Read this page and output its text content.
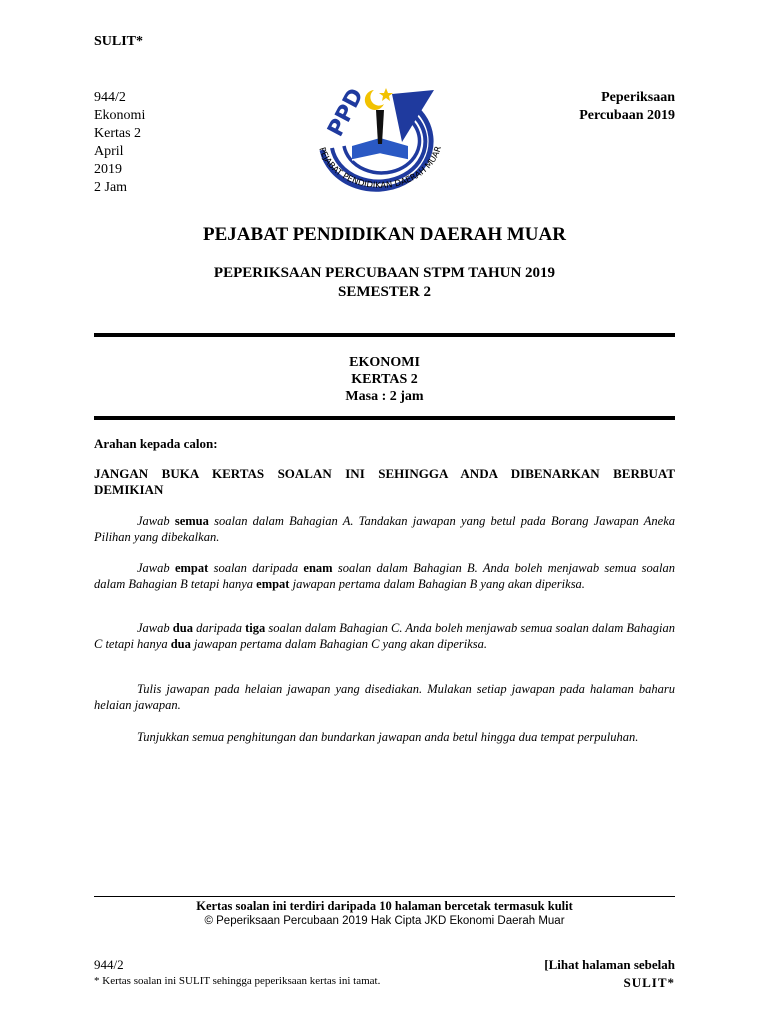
SULIT*
944/2
Ekonomi
Kertas 2
April
2019
2 Jam
Peperiksaan
Percubaan 2019
PPD
PEJABAT PENDIDIKAN DAERAH MUAR
PEJABAT PENDIDIKAN DAERAH MUAR
PEPERIKSAAN PERCUBAAN STPM TAHUN 2019
SEMESTER 2
EKONOMI
KERTAS 2
Masa : 2 jam
Arahan kepada calon:
JANGAN BUKA KERTAS SOALAN INI SEHINGGA ANDA DIBENARKAN BERBUAT
DEMIKIAN
Jawab semua soalan dalam Bahagian A. Tandakan jawapan yang betul pada Borang Jawapan Aneka Pilihan yang dibekalkan.
Jawab empat soalan daripada enam soalan dalam Bahagian B. Anda boleh menjawab semua soalan dalam Bahagian B tetapi hanya empat jawapan pertama dalam Bahagian B yang akan diperiksa.
Jawab dua daripada tiga soalan dalam Bahagian C. Anda boleh menjawab semua soalan dalam Bahagian C tetapi hanya dua jawapan pertama dalam Bahagian C yang akan diperiksa.
Tulis jawapan pada helaian jawapan yang disediakan. Mulakan setiap jawapan pada halaman baharu helaian jawapan.
Tunjukkan semua penghitungan dan bundarkan jawapan anda betul hingga dua tempat perpuluhan.
Kertas soalan ini terdiri daripada 10 halaman bercetak termasuk kulit
© Peperiksaan Percubaan 2019 Hak Cipta JKD Ekonomi Daerah Muar
944/2
* Kertas soalan ini SULIT sehingga peperiksaan kertas ini tamat.
[Lihat halaman sebelah
SULIT*
